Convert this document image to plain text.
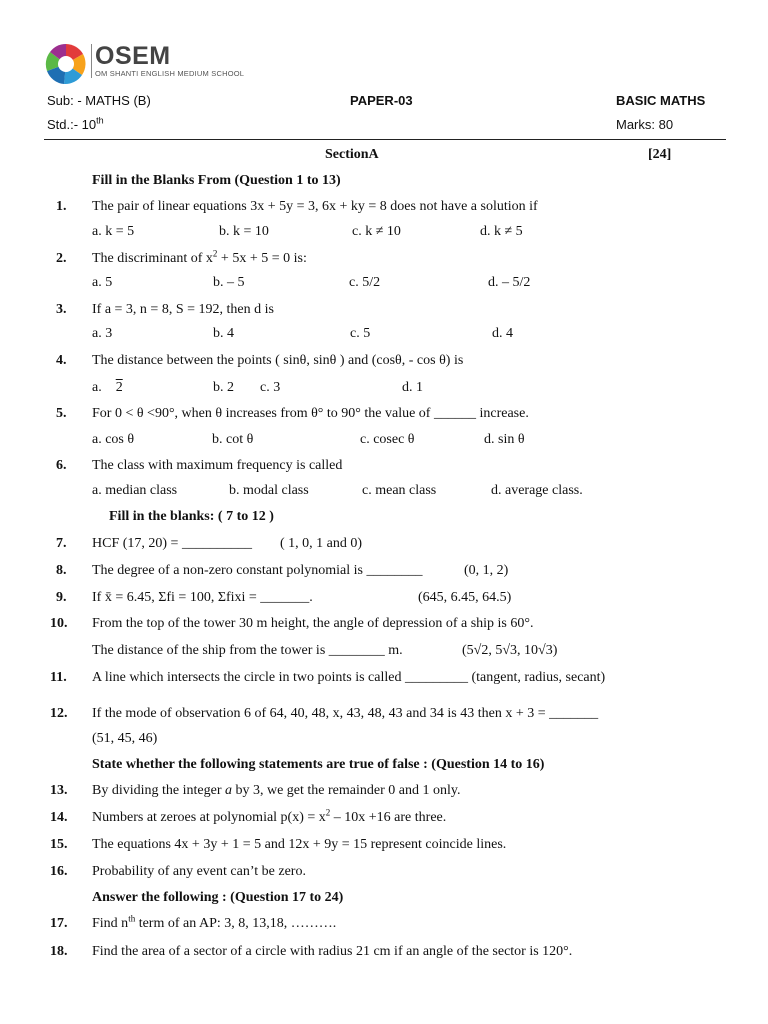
OSEM
OM SHANTI ENGLISH MEDIUM SCHOOL
Sub: - MATHS (B)	PAPER-03	BASIC MATHS
Std.:- 10th	Marks: 80
SectionA	[24]
Fill in the Blanks From (Question 1 to 13)
1. The pair of linear equations 3x + 5y = 3, 6x + ky = 8 does not have a solution if
a. k = 5	b. k = 10	c. k ≠ 10	d. k ≠ 5
2. The discriminant of $x^2 + 5x + 5 = 0$ is:
a. 5	b. – 5	c. 5/2	d. – 5/2
3. If a = 3, n = 8, S = 192, then d is
a. 3	b. 4	c. 5	d. 4
4. The distance between the points ( sinθ, sinθ ) and (cosθ, - cos θ) is
a. 2	b. 2 c. 3	d. 1
5. For 0 < θ <90°, when θ increases from θ° to 90° the value of ______ increase.
a. cos θ	b. cot θ	c. cosec θ	d. sin θ
6. The class with maximum frequency is called
a. median class	b. modal class	c. mean class	d. average class.
Fill in the blanks: ( 7 to 12 )
7. HCF (17, 20) = __________ ( 1, 0, 1 and 0)
8. The degree of a non-zero constant polynomial is ________	(0, 1, 2)
9. If x̄ = 6.45, Σfi = 100, Σfixi = _______.	(645, 6.45, 64.5)
10. From the top of the tower 30 m height, the angle of depression of a ship is 60°.
The distance of the ship from the tower is ________ m.	(5√2, 5√3, 10√3)
11. A line which intersects the circle in two points is called _________ (tangent, radius, secant)
12. If the mode of observation 6 of 64, 40, 48, x, 43, 48, 43 and 34 is 43 then x + 3 = _______
(51, 45, 46)
State whether the following statements are true of false : (Question 14 to 16)
13. By dividing the integer a by 3, we get the remainder 0 and 1 only.
14. Numbers at zeroes at polynomial $p(x) = x^2 - 10x +16$ are three.
15. The equations 4x + 3y + 1 = 5 and 12x + 9y = 15 represent coincide lines.
16. Probability of any event can’t be zero.
Answer the following : (Question 17 to 24)
17. Find $n^{th}$ term of an AP: 3, 8, 13,18, ……….
18. Find the area of a sector of a circle with radius 21 cm if an angle of the sector is 120°.
